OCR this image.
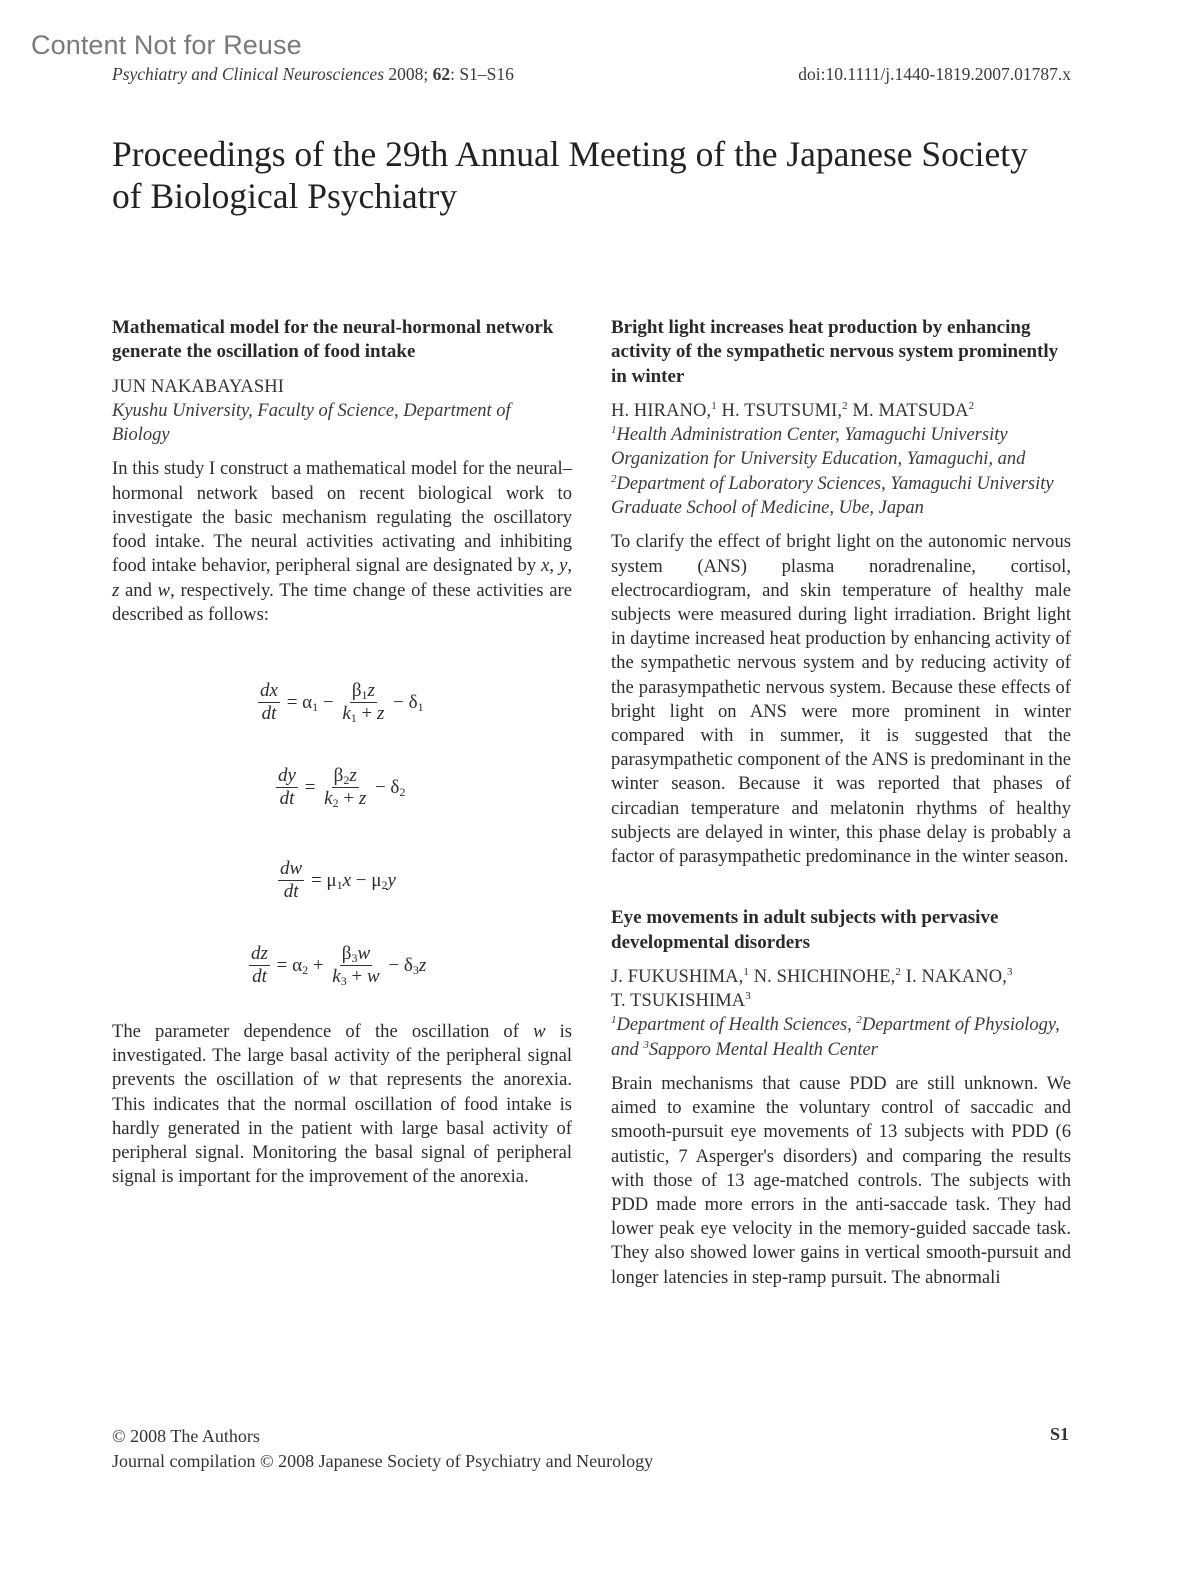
Content Not for Reuse
Psychiatry and Clinical Neurosciences 2008; 62: S1–S16	doi:10.1111/j.1440-1819.2007.01787.x
Proceedings of the 29th Annual Meeting of the Japanese Society of Biological Psychiatry
Mathematical model for the neural-hormonal network generate the oscillation of food intake
JUN NAKABAYASHI
Kyushu University, Faculty of Science, Department of Biology
In this study I construct a mathematical model for the neural–hormonal network based on recent biological work to investigate the basic mechanism regulating the oscillatory food intake. The neural activities activating and inhibiting food intake behavior, peripheral signal are designated by x, y, z and w, respectively. The time change of these activities are described as follows:
$\frac{dx}{dt} = \alpha_1 - \frac{\beta_1z}{k_1 + z} - \delta_1$
$\frac{dy}{dt} = \frac{\beta_2z}{k_2 + z} - \delta_2$
$\frac{dw}{dt} = \mu_1x - \mu_2y$
$\frac{dz}{dt} = \alpha_2 + \frac{\beta_3w}{k_3 + w} - \delta_3z$
The parameter dependence of the oscillation of w is investigated. The large basal activity of the peripheral signal prevents the oscillation of w that represents the anorexia. This indicates that the normal oscillation of food intake is hardly generated in the patient with large basal activity of peripheral signal. Monitoring the basal signal of peripheral signal is important for the improvement of the anorexia.
Bright light increases heat production by enhancing activity of the sympathetic nervous system prominently in winter
H. HIRANO,$^1$ H. TSUTSUMI,$^2$ M. MATSUDA$^2$
$^1$Health Administration Center, Yamaguchi University Organization for University Education, Yamaguchi, and $^2$Department of Laboratory Sciences, Yamaguchi University Graduate School of Medicine, Ube, Japan
To clarify the effect of bright light on the autonomic nervous system (ANS) plasma noradrenaline, cortisol, electrocardiogram, and skin temperature of healthy male subjects were measured during light irradiation. Bright light in daytime increased heat production by enhancing activity of the sympathetic nervous system and by reducing activity of the parasympathetic nervous system. Because these effects of bright light on ANS were more prominent in winter compared with in summer, it is suggested that the parasympathetic component of the ANS is predominant in the winter season. Because it was reported that phases of circadian temperature and melatonin rhythms of healthy subjects are delayed in winter, this phase delay is probably a factor of parasympathetic predominance in the winter season.
Eye movements in adult subjects with pervasive developmental disorders
J. FUKUSHIMA,$^1$ N. SHICHINOHE,$^2$ I. NAKANO,$^3$
T. TSUKISHIMA$^3$
$^1$Department of Health Sciences, $^2$Department of Physiology, and $^3$Sapporo Mental Health Center
Brain mechanisms that cause PDD are still unknown. We aimed to examine the voluntary control of saccadic and smooth-pursuit eye movements of 13 subjects with PDD (6 autistic, 7 Asperger's disorders) and comparing the results with those of 13 age-matched controls. The subjects with PDD made more errors in the anti-saccade task. They had lower peak eye velocity in the memory-guided saccade task. They also showed lower gains in vertical smooth-pursuit and longer latencies in step-ramp pursuit. The abnormali
© 2008 The Authors
Journal compilation © 2008 Japanese Society of Psychiatry and Neurology
S1
